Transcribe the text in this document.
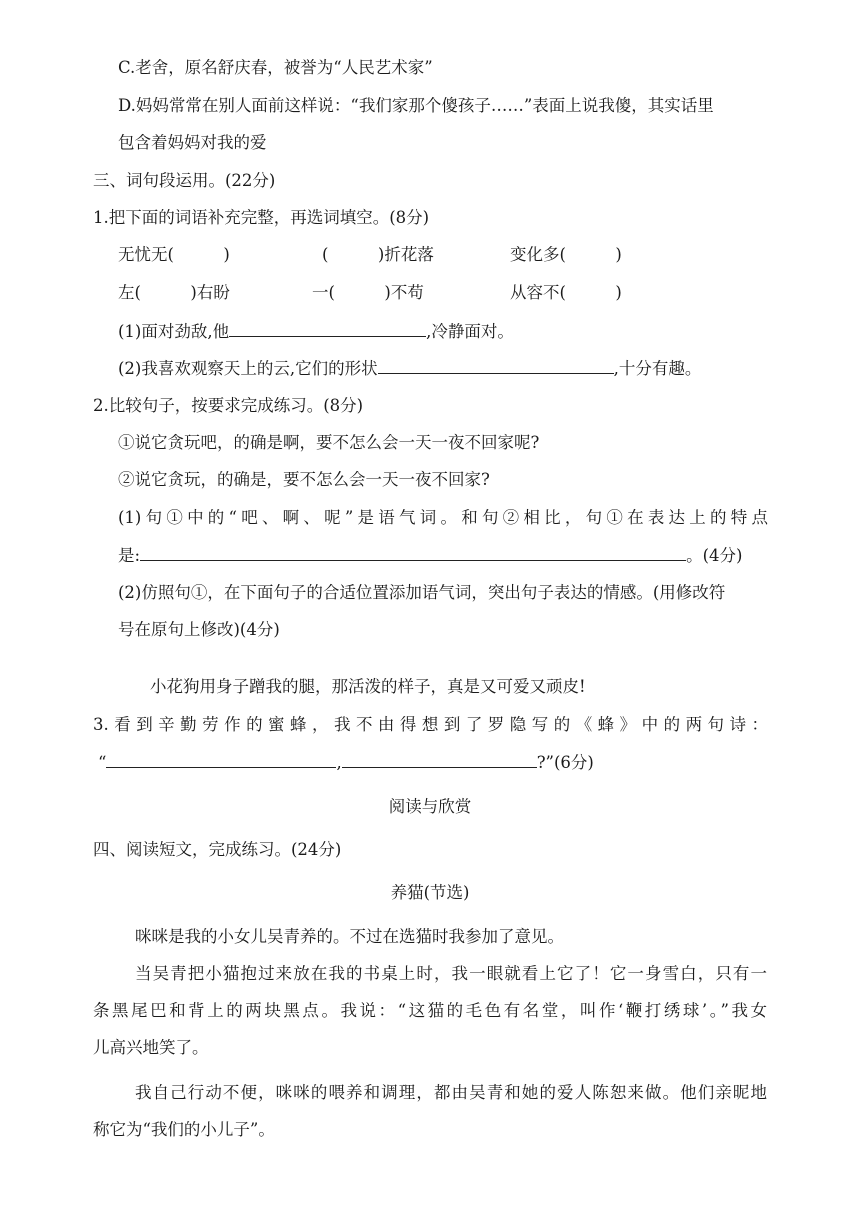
C.老舍，原名舒庆春，被誉为“人民艺术家”
D.妈妈常常在别人面前这样说：“我们家那个傻孩子……”表面上说我傻，其实话里
包含着妈妈对我的爱
三、词句段运用。(22分)
1.把下面的词语补充完整，再选词填空。(8分)
无忧无(　　　)	(　　　)折花落	变化多(　　　)
左(　　　)右盼	一(　　　)不苟	从容不(　　　)
(1)面对劲敌,他	,冷静面对。
(2)我喜欢观察天上的云,它们的形状	,十分有趣。
2.比较句子，按要求完成练习。(8分)
①说它贪玩吧，的确是啊，要不怎么会一天一夜不回家呢?
②说它贪玩，的确是，要不怎么会一天一夜不回家?
(1)句①中的“吧、啊、呢”是语气词。和句②相比，句①在表达上的特点
是:	。(4分)
(2)仿照句①，在下面句子的合适位置添加语气词，突出句子表达的情感。(用修改符
号在原句上修改)(4分)
小花狗用身子蹭我的腿，那活泼的样子，真是又可爱又顽皮!
3.看到辛勤劳作的蜜蜂，我不由得想到了罗隐写的《蜂》中的两句诗：
“	,	?”(6分)
阅读与欣赏
四、阅读短文，完成练习。(24分)
养猫(节选)
咪咪是我的小女儿吴青养的。不过在选猫时我参加了意见。
当吴青把小猫抱过来放在我的书桌上时，我一眼就看上它了！它一身雪白，只有一
条黑尾巴和背上的两块黑点。我说：“这猫的毛色有名堂，叫作‘鞭打绣球’。”我女
儿高兴地笑了。
我自己行动不便，咪咪的喂养和调理，都由吴青和她的爱人陈恕来做。他们亲昵地
称它为“我们的小儿子”。
